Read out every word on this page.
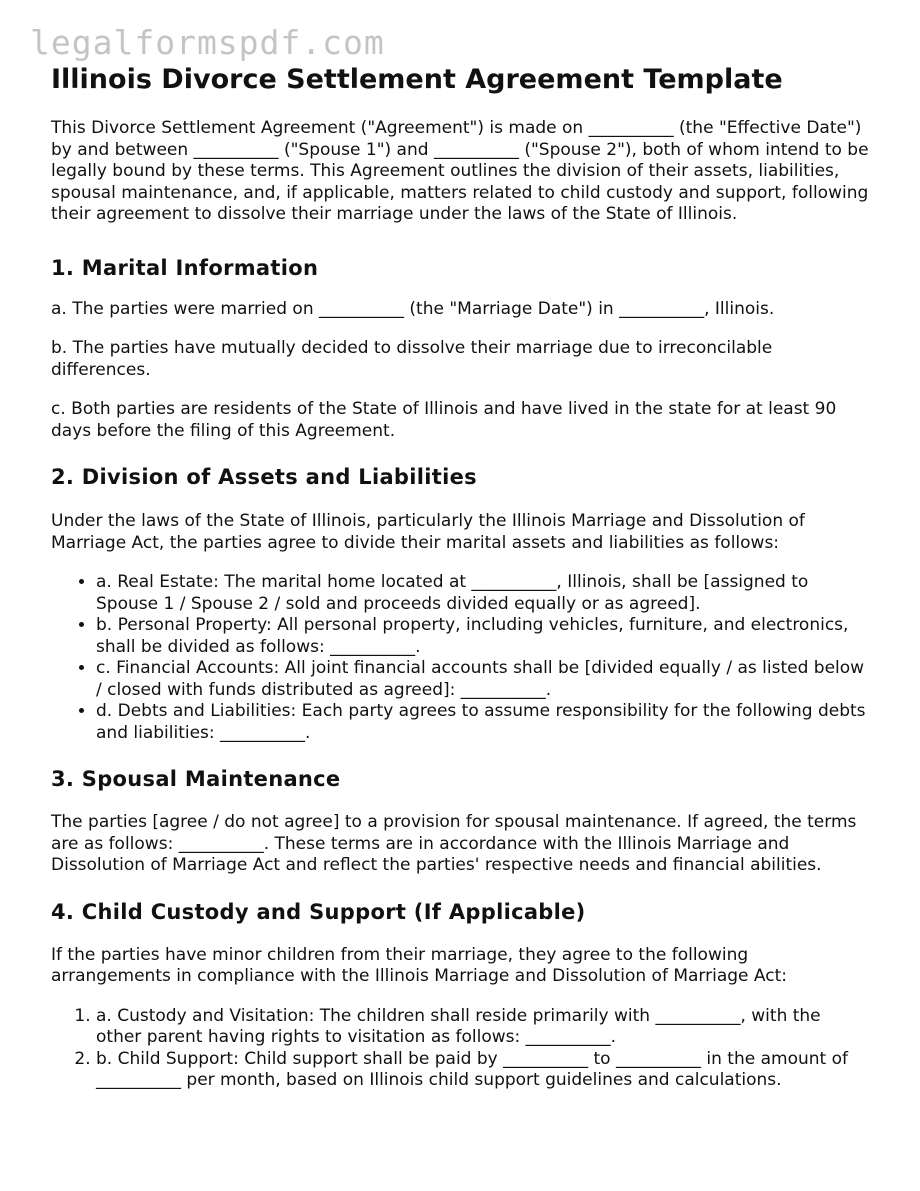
legalformspdf.com
Illinois Divorce Settlement Agreement Template

This Divorce Settlement Agreement ("Agreement") is made on __________ (the "Effective Date") by and between __________ ("Spouse 1") and __________ ("Spouse 2"), both of whom intend to be legally bound by these terms. This Agreement outlines the division of their assets, liabilities, spousal maintenance, and, if applicable, matters related to child custody and support, following their agreement to dissolve their marriage under the laws of the State of Illinois.

1. Marital Information

a. The parties were married on __________ (the "Marriage Date") in __________, Illinois.

b. The parties have mutually decided to dissolve their marriage due to irreconcilable differences.

c. Both parties are residents of the State of Illinois and have lived in the state for at least 90 days before the filing of this Agreement.

2. Division of Assets and Liabilities

Under the laws of the State of Illinois, particularly the Illinois Marriage and Dissolution of Marriage Act, the parties agree to divide their marital assets and liabilities as follows:

• a. Real Estate: The marital home located at __________, Illinois, shall be [assigned to Spouse 1 / Spouse 2 / sold and proceeds divided equally or as agreed].
• b. Personal Property: All personal property, including vehicles, furniture, and electronics, shall be divided as follows: __________.
• c. Financial Accounts: All joint financial accounts shall be [divided equally / as listed below / closed with funds distributed as agreed]: __________.
• d. Debts and Liabilities: Each party agrees to assume responsibility for the following debts and liabilities: __________.
3. Spousal Maintenance

The parties [agree / do not agree] to a provision for spousal maintenance. If agreed, the terms are as follows: __________. These terms are in accordance with the Illinois Marriage and Dissolution of Marriage Act and reflect the parties' respective needs and financial abilities.

4. Child Custody and Support (If Applicable)

If the parties have minor children from their marriage, they agree to the following arrangements in compliance with the Illinois Marriage and Dissolution of Marriage Act:

1. a. Custody and Visitation: The children shall reside primarily with __________, with the other parent having rights to visitation as follows: __________.
2. b. Child Support: Child support shall be paid by __________ to __________ in the amount of __________ per month, based on Illinois child support guidelines and calculations.
